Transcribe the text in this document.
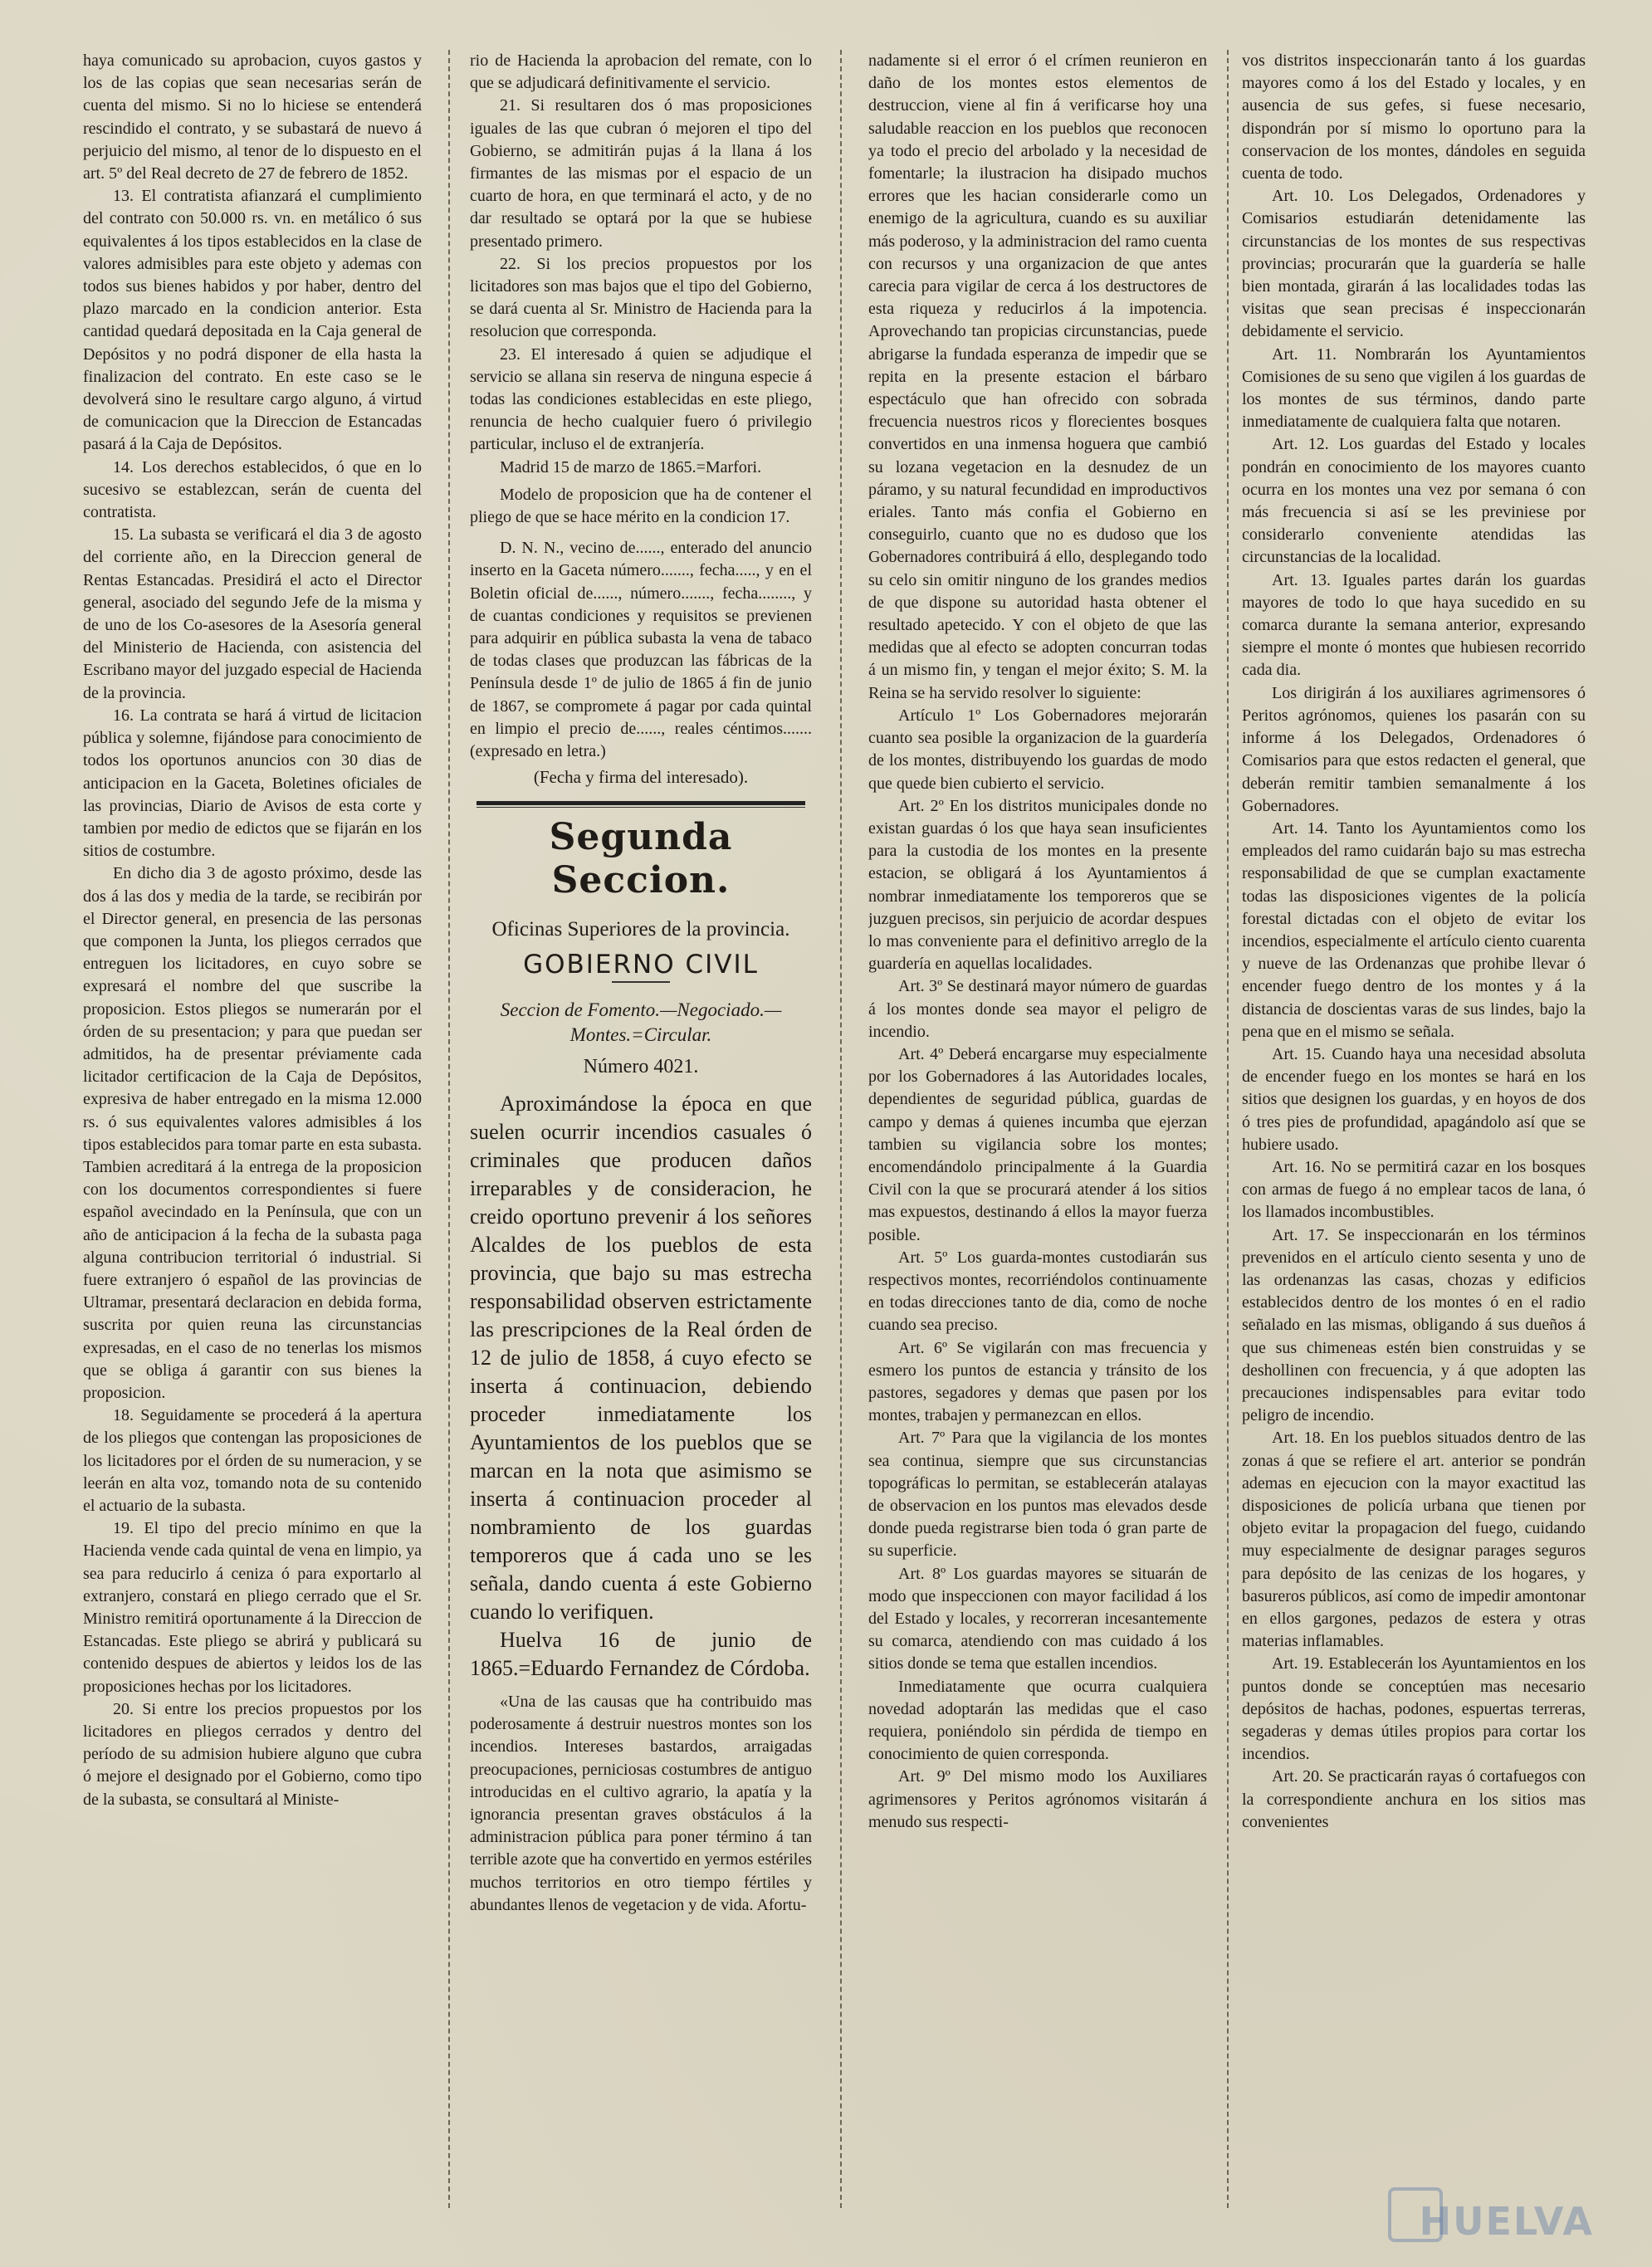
haya comunicado su aprobacion, cuyos gastos y los de las copias que sean necesarias serán de cuenta del mismo. Si no lo hiciese se entenderá rescindido el contrato, y se subastará de nuevo á perjuicio del mismo, al tenor de lo dispuesto en el art. 5º del Real decreto de 27 de febrero de 1852.

13. El contratista afianzará el cumplimiento del contrato con 50.000 rs. vn. en metálico ó sus equivalentes á los tipos establecidos en la clase de valores admisibles para este objeto y ademas con todos sus bienes habidos y por haber, dentro del plazo marcado en la condicion anterior. Esta cantidad quedará depositada en la Caja general de Depósitos y no podrá disponer de ella hasta la finalizacion del contrato. En este caso se le devolverá sino le resultare cargo alguno, á virtud de comunicacion que la Direccion de Estancadas pasará á la Caja de Depósitos.

14. Los derechos establecidos, ó que en lo sucesivo se establezcan, serán de cuenta del contratista.

15. La subasta se verificará el dia 3 de agosto del corriente año, en la Direccion general de Rentas Estancadas. Presidirá el acto el Director general, asociado del segundo Jefe de la misma y de uno de los Co-asesores de la Asesoría general del Ministerio de Hacienda, con asistencia del Escribano mayor del juzgado especial de Hacienda de la provincia.

16. La contrata se hará á virtud de licitacion pública y solemne, fijándose para conocimiento de todos los oportunos anuncios con 30 dias de anticipacion en la Gaceta, Boletines oficiales de las provincias, Diario de Avisos de esta corte y tambien por medio de edictos que se fijarán en los sitios de costumbre.

En dicho dia 3 de agosto próximo, desde las dos á las dos y media de la tarde, se recibirán por el Director general, en presencia de las personas que componen la Junta, los pliegos cerrados que entreguen los licitadores, en cuyo sobre se expresará el nombre del que suscribe la proposicion. Estos pliegos se numerarán por el órden de su presentacion; y para que puedan ser admitidos, ha de presentar préviamente cada licitador certificacion de la Caja de Depósitos, expresiva de haber entregado en la misma 12.000 rs. ó sus equivalentes valores admisibles á los tipos establecidos para tomar parte en esta subasta. Tambien acreditará á la entrega de la proposicion con los documentos correspondientes si fuere español avecindado en la Península, que con un año de anticipacion á la fecha de la subasta paga alguna contribucion territorial ó industrial. Si fuere extranjero ó español de las provincias de Ultramar, presentará declaracion en debida forma, suscrita por quien reuna las circunstancias expresadas, en el caso de no tenerlas los mismos que se obliga á garantir con sus bienes la proposicion.

18. Seguidamente se procederá á la apertura de los pliegos que contengan las proposiciones de los licitadores por el órden de su numeracion, y se leerán en alta voz, tomando nota de su contenido el actuario de la subasta.

19. El tipo del precio mínimo en que la Hacienda vende cada quintal de vena en limpio, ya sea para reducirlo á ceniza ó para exportarlo al extranjero, constará en pliego cerrado que el Sr. Ministro remitirá oportunamente á la Direccion de Estancadas. Este pliego se abrirá y publicará su contenido despues de abiertos y leidos los de las proposiciones hechas por los licitadores.

20. Si entre los precios propuestos por los licitadores en pliegos cerrados y dentro del período de su admision hubiere alguno que cubra ó mejore el designado por el Gobierno, como tipo de la subasta, se consultará al Ministe-

rio de Hacienda la aprobacion del remate, con lo que se adjudicará definitivamente el servicio.

21. Si resultaren dos ó mas proposiciones iguales de las que cubran ó mejoren el tipo del Gobierno, se admitirán pujas á la llana á los firmantes de las mismas por el espacio de un cuarto de hora, en que terminará el acto, y de no dar resultado se optará por la que se hubiese presentado primero.

22. Si los precios propuestos por los licitadores son mas bajos que el tipo del Gobierno, se dará cuenta al Sr. Ministro de Hacienda para la resolucion que corresponda.

23. El interesado á quien se adjudique el servicio se allana sin reserva de ninguna especie á todas las condiciones establecidas en este pliego, renuncia de hecho cualquier fuero ó privilegio particular, incluso el de extranjería.

Madrid 15 de marzo de 1865.=Marfori.

Modelo de proposicion que ha de contener el pliego de que se hace mérito en la condicion 17.

D. N. N., vecino de......, enterado del anuncio inserto en la Gaceta número......., fecha....., y en el Boletin oficial de......, número......., fecha........, y de cuantas condiciones y requisitos se previenen para adquirir en pública subasta la vena de tabaco de todas clases que produzcan las fábricas de la Península desde 1º de julio de 1865 á fin de junio de 1867, se compromete á pagar por cada quintal en limpio el precio de......, reales céntimos....... (expresado en letra.)

(Fecha y firma del interesado).
Segunda Seccion.
Oficinas Superiores de la provincia.
GOBIERNO CIVIL
Seccion de Fomento.—Negociado.—Montes.=Circular.
Número 4021.

Aproximándose la época en que suelen ocurrir incendios casuales ó criminales que producen daños irreparables y de consideracion, he creido oportuno prevenir á los señores Alcaldes de los pueblos de esta provincia, que bajo su mas estrecha responsabilidad observen estrictamente las prescripciones de la Real órden de 12 de julio de 1858, á cuyo efecto se inserta á continuacion, debiendo proceder inmediatamente los Ayuntamientos de los pueblos que se marcan en la nota que asimismo se inserta á continuacion proceder al nombramiento de los guardas temporeros que á cada uno se les señala, dando cuenta á este Gobierno cuando lo verifiquen.

Huelva 16 de junio de 1865.=Eduardo Fernandez de Córdoba.

«Una de las causas que ha contribuido mas poderosamente á destruir nuestros montes son los incendios. Intereses bastardos, arraigadas preocupaciones, perniciosas costumbres de antiguo introducidas en el cultivo agrario, la apatía y la ignorancia presentan graves obstáculos á la administracion pública para poner término á tan terrible azote que ha convertido en yermos estériles muchos territorios en otro tiempo fértiles y abundantes llenos de vegetacion y de vida. Afortu-

nadamente si el error ó el crímen reunieron en daño de los montes estos elementos de destruccion, viene al fin á verificarse hoy una saludable reaccion en los pueblos que reconocen ya todo el precio del arbolado y la necesidad de fomentarle; la ilustracion ha disipado muchos errores que les hacian considerarle como un enemigo de la agricultura, cuando es su auxiliar más poderoso, y la administracion del ramo cuenta con recursos y una organizacion de que antes carecia para vigilar de cerca á los destructores de esta riqueza y reducirlos á la impotencia. Aprovechando tan propicias circunstancias, puede abrigarse la fundada esperanza de impedir que se repita en la presente estacion el bárbaro espectáculo que han ofrecido con sobrada frecuencia nuestros ricos y florecientes bosques convertidos en una inmensa hoguera que cambió su lozana vegetacion en la desnudez de un páramo, y su natural fecundidad en improductivos eriales. Tanto más confia el Gobierno en conseguirlo, cuanto que no es dudoso que los Gobernadores contribuirá á ello, desplegando todo su celo sin omitir ninguno de los grandes medios de que dispone su autoridad hasta obtener el resultado apetecido. Y con el objeto de que las medidas que al efecto se adopten concurran todas á un mismo fin, y tengan el mejor éxito; S. M. la Reina se ha servido resolver lo siguiente:

Artículo 1º Los Gobernadores mejorarán cuanto sea posible la organizacion de la guardería de los montes, distribuyendo los guardas de modo que quede bien cubierto el servicio.

Art. 2º En los distritos municipales donde no existan guardas ó los que haya sean insuficientes para la custodia de los montes en la presente estacion, se obligará á los Ayuntamientos á nombrar inmediatamente los temporeros que se juzguen precisos, sin perjuicio de acordar despues lo mas conveniente para el definitivo arreglo de la guardería en aquellas localidades.

Art. 3º Se destinará mayor número de guardas á los montes donde sea mayor el peligro de incendio.

Art. 4º Deberá encargarse muy especialmente por los Gobernadores á las Autoridades locales, dependientes de seguridad pública, guardas de campo y demas á quienes incumba que ejerzan tambien su vigilancia sobre los montes; encomendándolo principalmente á la Guardia Civil con la que se procurará atender á los sitios mas expuestos, destinando á ellos la mayor fuerza posible.

Art. 5º Los guarda-montes custodiarán sus respectivos montes, recorriéndolos continuamente en todas direcciones tanto de dia, como de noche cuando sea preciso.

Art. 6º Se vigilarán con mas frecuencia y esmero los puntos de estancia y tránsito de los pastores, segadores y demas que pasen por los montes, trabajen y permanezcan en ellos.

Art. 7º Para que la vigilancia de los montes sea continua, siempre que sus circunstancias topográficas lo permitan, se establecerán atalayas de observacion en los puntos mas elevados desde donde pueda registrarse bien toda ó gran parte de su superficie.

Art. 8º Los guardas mayores se situarán de modo que inspeccionen con mayor facilidad á los del Estado y locales, y recorreran incesantemente su comarca, atendiendo con mas cuidado á los sitios donde se tema que estallen incendios.

Inmediatamente que ocurra cualquiera novedad adoptarán las medidas que el caso requiera, poniéndolo sin pérdida de tiempo en conocimiento de quien corresponda.

Art. 9º Del mismo modo los Auxiliares agrimensores y Peritos agrónomos visitarán á menudo sus respecti-

vos distritos inspeccionarán tanto á los guardas mayores como á los del Estado y locales, y en ausencia de sus gefes, si fuese necesario, dispondrán por sí mismo lo oportuno para la conservacion de los montes, dándoles en seguida cuenta de todo.

Art. 10. Los Delegados, Ordenadores y Comisarios estudiarán detenidamente las circunstancias de los montes de sus respectivas provincias; procurarán que la guardería se halle bien montada, girarán á las localidades todas las visitas que sean precisas é inspeccionarán debidamente el servicio.

Art. 11. Nombrarán los Ayuntamientos Comisiones de su seno que vigilen á los guardas de los montes de sus términos, dando parte inmediatamente de cualquiera falta que notaren.

Art. 12. Los guardas del Estado y locales pondrán en conocimiento de los mayores cuanto ocurra en los montes una vez por semana ó con más frecuencia si así se les previniese por considerarlo conveniente atendidas las circunstancias de la localidad.

Art. 13. Iguales partes darán los guardas mayores de todo lo que haya sucedido en su comarca durante la semana anterior, expresando siempre el monte ó montes que hubiesen recorrido cada dia.

Los dirigirán á los auxiliares agrimensores ó Peritos agrónomos, quienes los pasarán con su informe á los Delegados, Ordenadores ó Comisarios para que estos redacten el general, que deberán remitir tambien semanalmente á los Gobernadores.

Art. 14. Tanto los Ayuntamientos como los empleados del ramo cuidarán bajo su mas estrecha responsabilidad de que se cumplan exactamente todas las disposiciones vigentes de la policía forestal dictadas con el objeto de evitar los incendios, especialmente el artículo ciento cuarenta y nueve de las Ordenanzas que prohibe llevar ó encender fuego dentro de los montes y á la distancia de doscientas varas de sus lindes, bajo la pena que en el mismo se señala.

Art. 15. Cuando haya una necesidad absoluta de encender fuego en los montes se hará en los sitios que designen los guardas, y en hoyos de dos ó tres pies de profundidad, apagándolo así que se hubiere usado.

Art. 16. No se permitirá cazar en los bosques con armas de fuego á no emplear tacos de lana, ó los llamados incombustibles.

Art. 17. Se inspeccionarán en los términos prevenidos en el artículo ciento sesenta y uno de las ordenanzas las casas, chozas y edificios establecidos dentro de los montes ó en el radio señalado en las mismas, obligando á sus dueños á que sus chimeneas estén bien construidas y se deshollinen con frecuencia, y á que adopten las precauciones indispensables para evitar todo peligro de incendio.

Art. 18. En los pueblos situados dentro de las zonas á que se refiere el art. anterior se pondrán ademas en ejecucion con la mayor exactitud las disposiciones de policía urbana que tienen por objeto evitar la propagacion del fuego, cuidando muy especialmente de designar parages seguros para depósito de las cenizas de los hogares, y basureros públicos, así como de impedir amontonar en ellos gargones, pedazos de estera y otras materias inflamables.

Art. 19. Establecerán los Ayuntamientos en los puntos donde se conceptúen mas necesario depósitos de hachas, podones, espuertas terreras, segaderas y demas útiles propios para cortar los incendios.

Art. 20. Se practicarán rayas ó cortafuegos con la correspondiente anchura en los sitios mas convenientes

HUELVA
